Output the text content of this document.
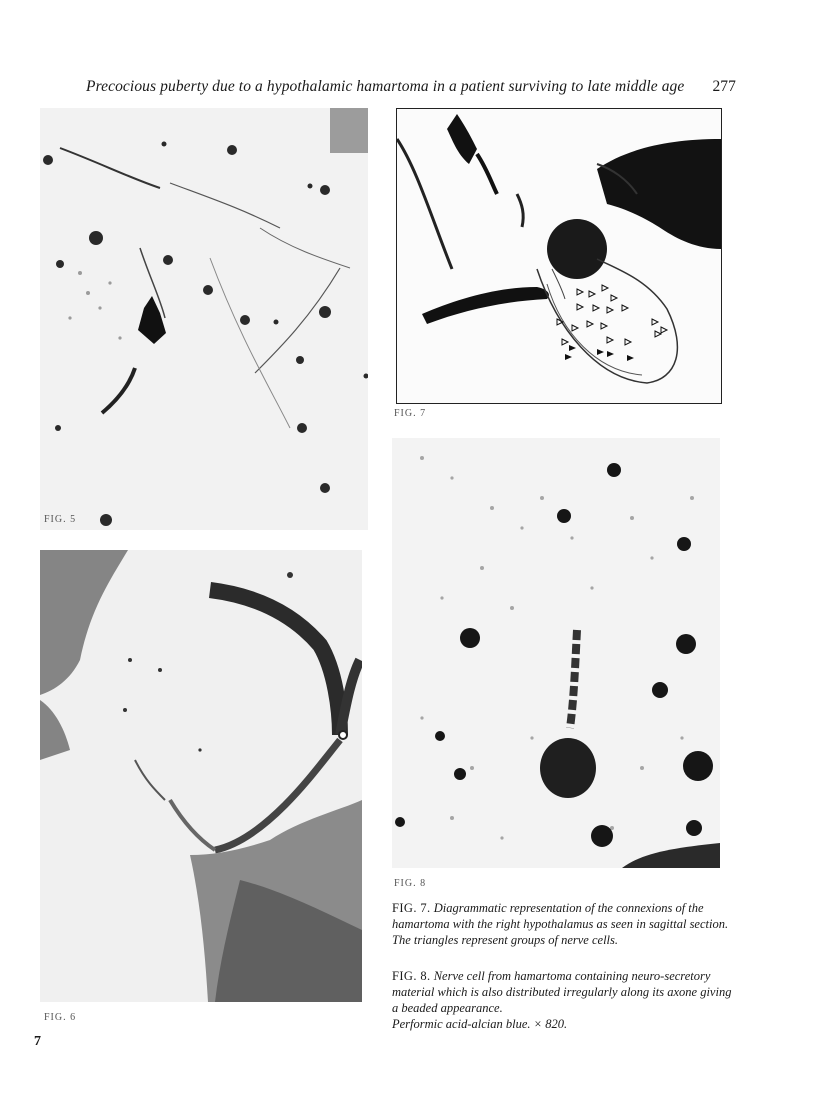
Precocious puberty due to a hypothalamic hamartoma in a patient surviving to late middle age 277
FIG. 5
FIG. 6
FIG. 7
FIG. 8
FIG. 7. Diagrammatic representation of the connexions of the hamartoma with the right hypothalamus as seen in sagittal section. The triangles represent groups of nerve cells.
FIG. 8. Nerve cell from hamartoma containing neuro-secretory material which is also distributed irregularly along its axone giving a beaded appearance.
Performic acid-alcian blue. × 820.
7
